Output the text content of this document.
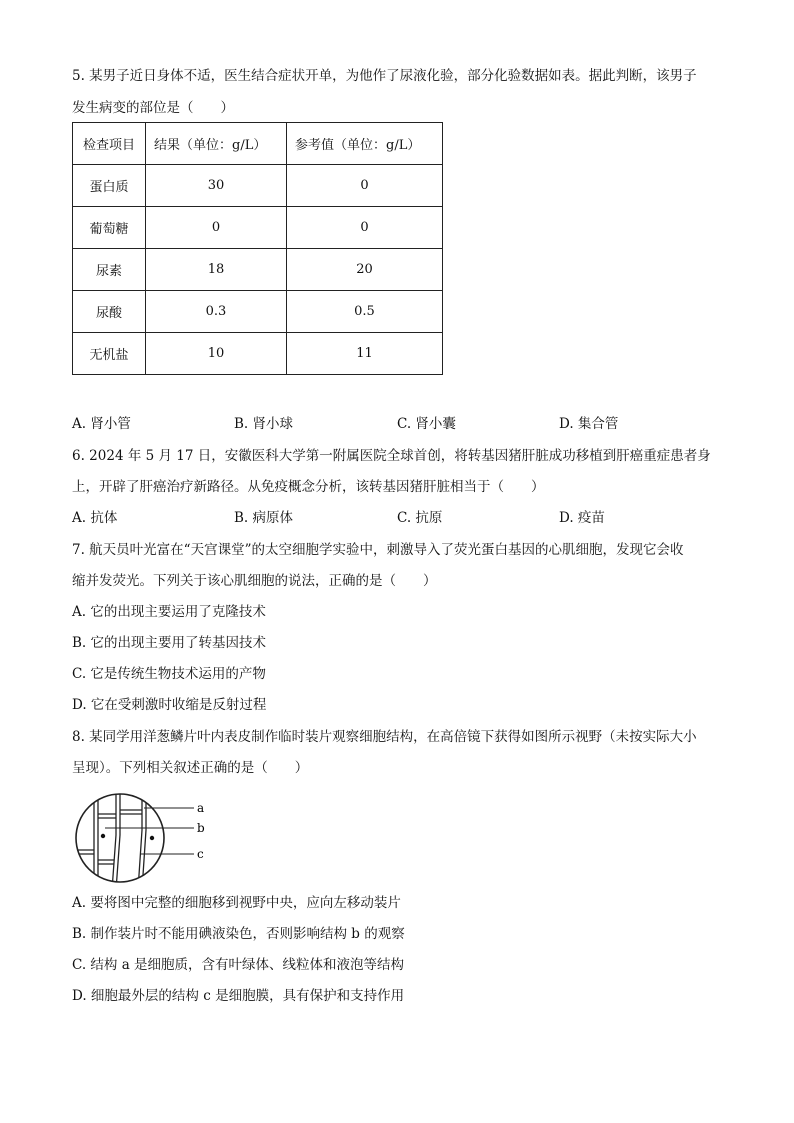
5. 某男子近日身体不适，医生结合症状开单，为他作了尿液化验，部分化验数据如表。据此判断，该男子
发生病变的部位是（　　）
检查项目	结果（单位：g/L）	参考值（单位：g/L）
蛋白质	30	0
葡萄糖	0	0
尿素	18	20
尿酸	0.3	0.5
无机盐	10	11
A. 肾小管	B. 肾小球	C. 肾小囊	D. 集合管
6. 2024 年 5 月 17 日，安徽医科大学第一附属医院全球首创，将转基因猪肝脏成功移植到肝癌重症患者身
上，开辟了肝癌治疗新路径。从免疫概念分析，该转基因猪肝脏相当于（　　）
A. 抗体	B. 病原体	C. 抗原	D. 疫苗
7. 航天员叶光富在“天宫课堂”的太空细胞学实验中，刺激导入了荧光蛋白基因的心肌细胞，发现它会收
缩并发荧光。下列关于该心肌细胞的说法，正确的是（　　）
A. 它的出现主要运用了克隆技术
B. 它的出现主要用了转基因技术
C. 它是传统生物技术运用的产物
D. 它在受刺激时收缩是反射过程
8. 某同学用洋葱鳞片叶内表皮制作临时装片观察细胞结构，在高倍镜下获得如图所示视野（未按实际大小
呈现）。下列相关叙述正确的是（　　）
a
b
c
A. 要将图中完整的细胞移到视野中央，应向左移动装片
B. 制作装片时不能用碘液染色，否则影响结构 b 的观察
C. 结构 a 是细胞质，含有叶绿体、线粒体和液泡等结构
D. 细胞最外层的结构 c 是细胞膜，具有保护和支持作用
